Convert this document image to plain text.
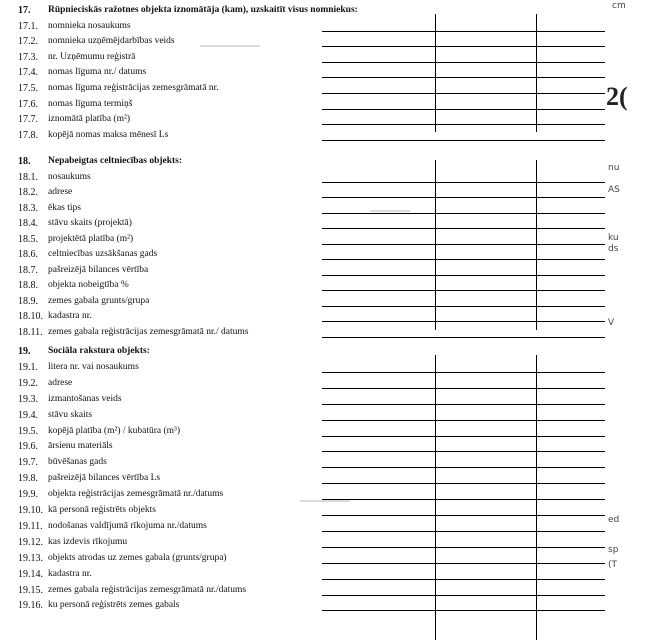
17. Rūpnieciskās ražotnes objekta iznomātāja (kam), uzskaitīt visus nomniekus:
17.1. nomnieka nosaukums
17.2. nomnieka uzņēmējdarbības veids
17.3. nr. Uzņēmumu reģistrā
17.4. nomas līguma nr./ datums
17.5. nomas līguma reģistrācijas zemesgrāmatā nr.
17.6. nomas līguma termiņš
17.7. iznomātā platība (m²)
17.8. kopējā nomas maksa mēnesī Ls
18. Nepabeigtas celtniecības objekts:
18.1. nosaukums
18.2. adrese
18.3. ēkas tips
18.4. stāvu skaits (projektā)
18.5. projektētā platība (m²)
18.6. celtniecības uzsākšanas gads
18.7. pašreizējā bilances vērtība
18.8. objekta nobeigtība %
18.9. zemes gabala grunts/grupa
18.10. kadastra nr.
18.11. zemes gabala reģistrācijas zemesgrāmatā nr./ datums
19. Sociāla rakstura objekts:
19.1. litera nr. vai nosaukums
19.2. adrese
19.3. izmantošanas veids
19.4. stāvu skaits
19.5. kopējā platība (m²) / kubatūra (m³)
19.6. ārsienu materiāls
19.7. būvēšanas gads
19.8. pašreizējā bilances vērtība Ls
19.9. objekta reģistrācijas zemesgrāmatā nr./datums
19.10. kā personā reģistrēts objekts
19.11. nodošanas valdījumā rīkojuma nr./datums
19.12. kas izdevis rīkojumu
19.13. objekts atrodas uz zemes gabala (grunts/grupa)
19.14. kadastra nr.
19.15. zemes gabala reģistrācijas zemesgrāmatā nr./datums
19.16. ku personā reģistrēts zemes gabals
cm
2(
AS
nu
ds
ku
V
ed
sp
(T
